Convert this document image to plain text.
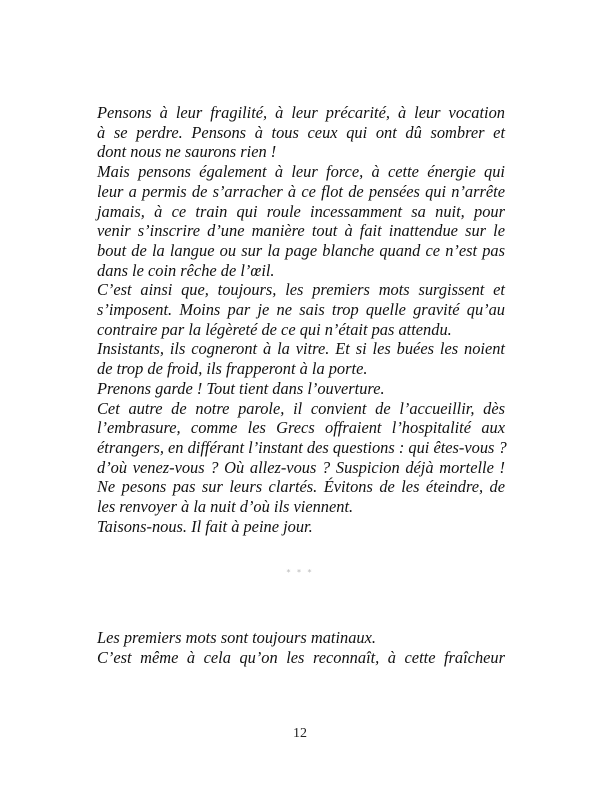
Pensons à leur fragilité, à leur précarité, à leur vocation
à se perdre. Pensons à tous ceux qui ont dû sombrer et
dont nous ne saurons rien !
Mais pensons également à leur force, à cette énergie qui
leur a permis de s’arracher à ce flot de pensées qui n’arrête
jamais, à ce train qui roule incessamment sa nuit, pour
venir s’inscrire d’une manière tout à fait inattendue sur le
bout de la langue ou sur la page blanche quand ce n’est pas
dans le coin rêche de l’œil.
C’est ainsi que, toujours, les premiers mots surgissent et
s’imposent. Moins par je ne sais trop quelle gravité qu’au
contraire par la légèreté de ce qui n’était pas attendu.
Insistants, ils cogneront à la vitre. Et si les buées les noient
de trop de froid, ils frapperont à la porte.
Prenons garde ! Tout tient dans l’ouverture.
Cet autre de notre parole, il convient de l’accueillir, dès
l’embrasure, comme les Grecs offraient l’hospitalité aux
étrangers, en différant l’instant des questions : qui êtes-vous ?
d’où venez-vous ? Où allez-vous ? Suspicion déjà mortelle !
Ne pesons pas sur leurs clartés. Évitons de les éteindre, de
les renvoyer à la nuit d’où ils viennent.
Taisons-nous. Il fait à peine jour.
* * *
Les premiers mots sont toujours matinaux.
C’est même à cela qu’on les reconnaît, à cette fraîcheur
12
